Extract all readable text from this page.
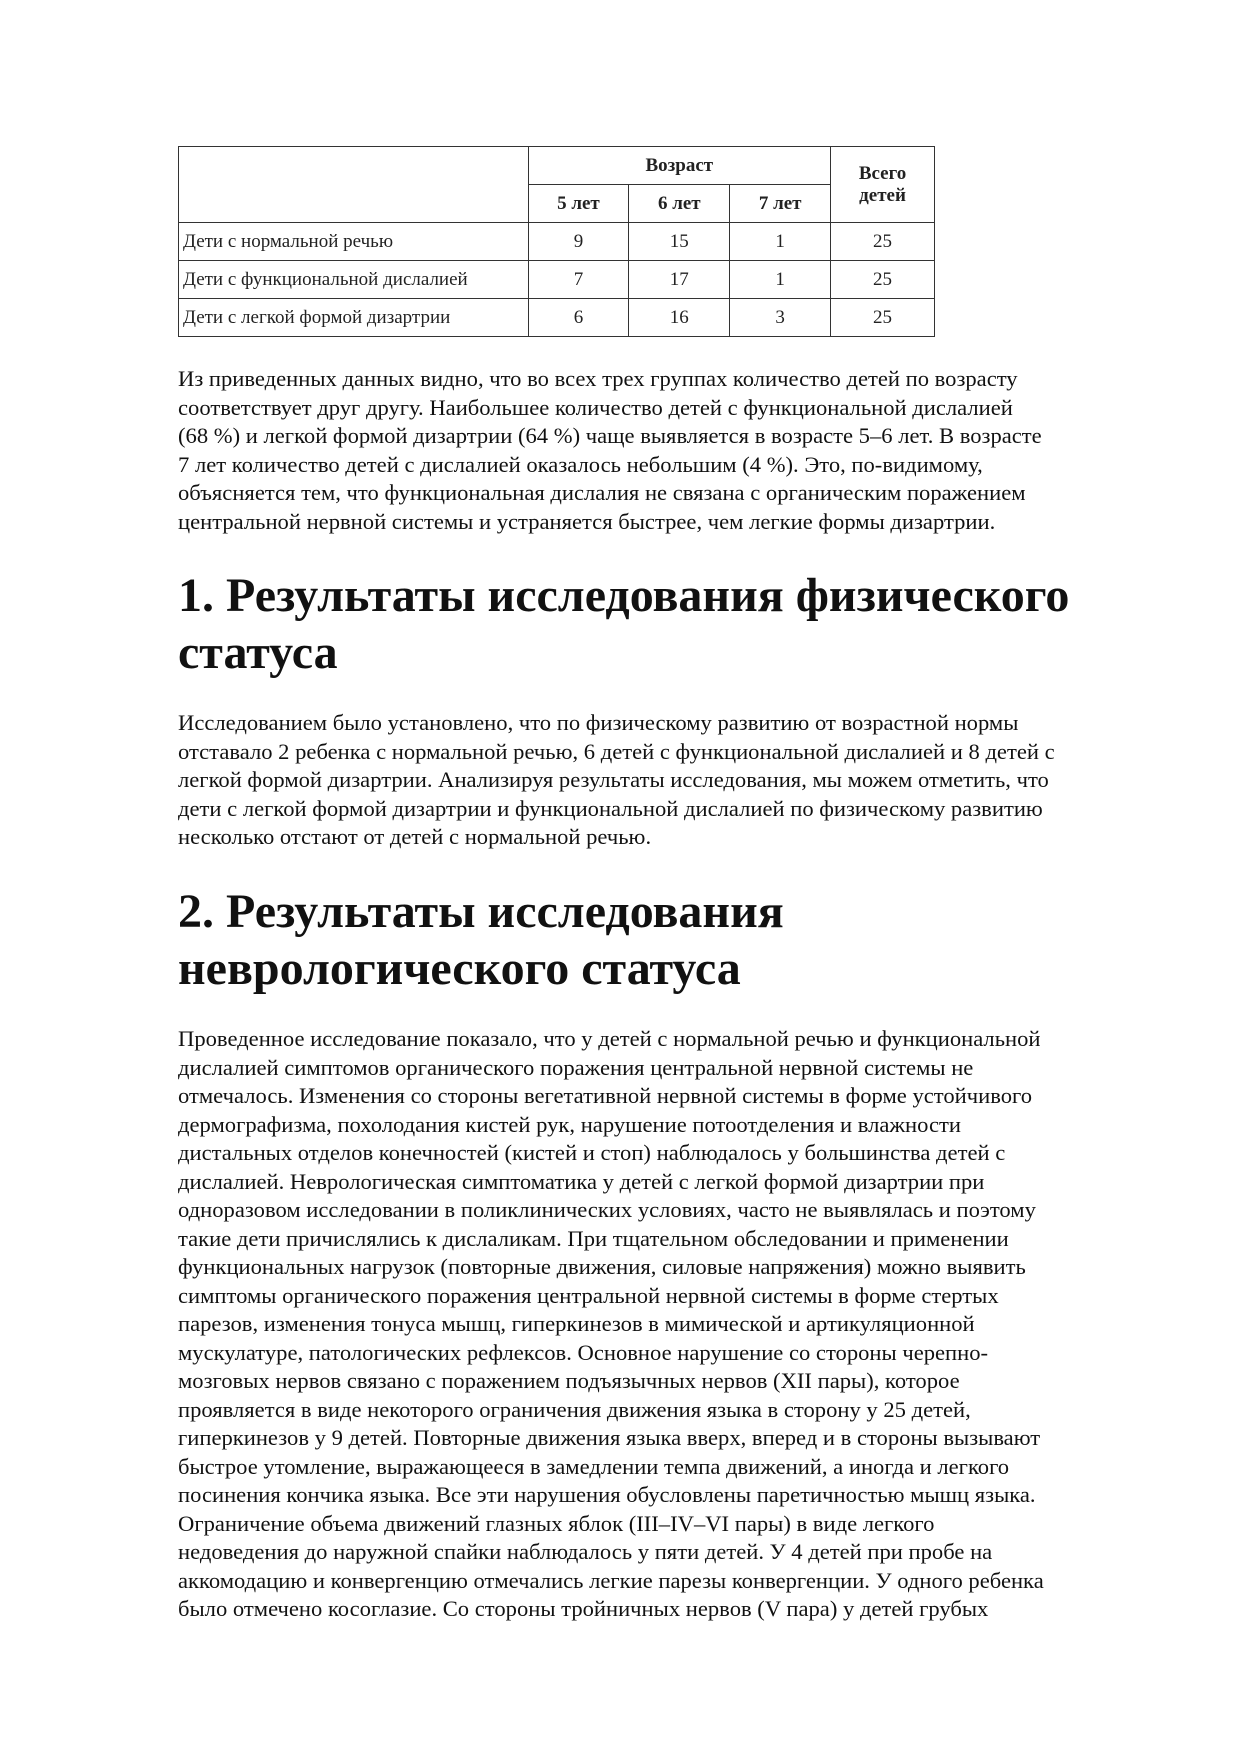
	Возраст			Всего детей
	5 лет	6 лет	7 лет	
Дети с нормальной речью	9	15	1	25
Дети с функциональной дислалией	7	17	1	25
Дети с легкой формой дизартрии	6	16	3	25

Из приведенных данных видно, что во всех трех группах количество детей по возрасту
соответствует друг другу. Наибольшее количество детей с функциональной дислалией
(68 %) и легкой формой дизартрии (64 %) чаще выявляется в возрасте 5–6 лет. В возрасте
7 лет количество детей с дислалией оказалось небольшим (4 %). Это, по-видимому,
объясняется тем, что функциональная дислалия не связана с органическим поражением
центральной нервной системы и устраняется быстрее, чем легкие формы дизартрии.

1. Результаты исследования физического
статуса

Исследованием было установлено, что по физическому развитию от возрастной нормы
отставало 2 ребенка с нормальной речью, 6 детей с функциональной дислалией и 8 детей с
легкой формой дизартрии. Анализируя результаты исследования, мы можем отметить, что
дети с легкой формой дизартрии и функциональной дислалией по физическому развитию
несколько отстают от детей с нормальной речью.

2. Результаты исследования
неврологического статуса

Проведенное исследование показало, что у детей с нормальной речью и функциональной
дислалией симптомов органического поражения центральной нервной системы не
отмечалось. Изменения со стороны вегетативной нервной системы в форме устойчивого
дермографизма, похолодания кистей рук, нарушение потоотделения и влажности
дистальных отделов конечностей (кистей и стоп) наблюдалось у большинства детей с
дислалией. Неврологическая симптоматика у детей с легкой формой дизартрии при
одноразовом исследовании в поликлинических условиях, часто не выявлялась и поэтому
такие дети причислялись к дислаликам. При тщательном обследовании и применении
функциональных нагрузок (повторные движения, силовые напряжения) можно выявить
симптомы органического поражения центральной нервной системы в форме стертых
парезов, изменения тонуса мышц, гиперкинезов в мимической и артикуляционной
мускулатуре, патологических рефлексов. Основное нарушение со стороны черепно-
мозговых нервов связано с поражением подъязычных нервов (XII пары), которое
проявляется в виде некоторого ограничения движения языка в сторону у 25 детей,
гиперкинезов у 9 детей. Повторные движения языка вверх, вперед и в стороны вызывают
быстрое утомление, выражающееся в замедлении темпа движений, а иногда и легкого
посинения кончика языка. Все эти нарушения обусловлены паретичностью мышц языка.
Ограничение объема движений глазных яблок (III–IV–VI пары) в виде легкого
недоведения до наружной спайки наблюдалось у пяти детей. У 4 детей при пробе на
аккомодацию и конвергенцию отмечались легкие парезы конвергенции. У одного ребенка
было отмечено косоглазие. Со стороны тройничных нервов (V пара) у детей грубых
